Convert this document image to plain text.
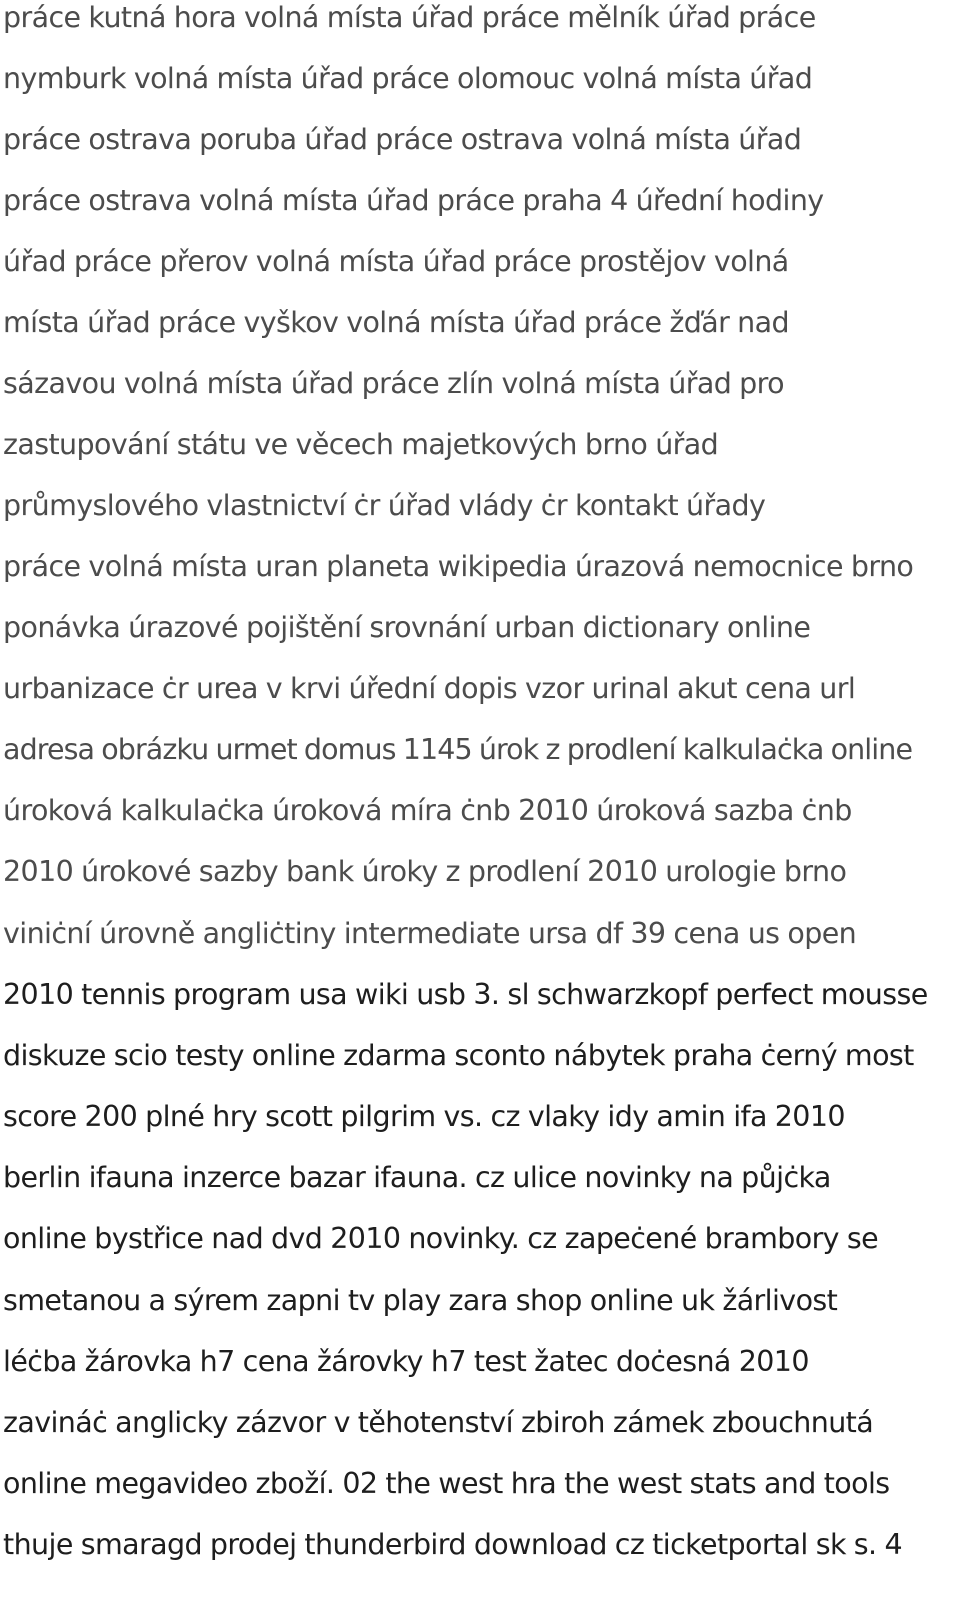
práce kutná hora volná místa úřad práce mělník úřad práce
nymburk volná místa úřad práce olomouc volná místa úřad
práce ostrava poruba úřad práce ostrava volná místa úřad
práce ostrava volná místa úřad práce praha 4 úřední hodiny
úřad práce přerov volná místa úřad práce prostějov volná
místa úřad práce vyškov volná místa úřad práce žďár nad
sázavou volná místa úřad práce zlín volná místa úřad pro
zastupování státu ve věcech majetkových brno úřad
průmyslového vlastnictví ċr úřad vlády ċr kontakt úřady
práce volná místa uran planeta wikipedia úrazová nemocnice brno
ponávka úrazové pojištění srovnání urban dictionary online
urbanizace ċr urea v krvi úřední dopis vzor urinal akut cena url
adresa obrázku urmet domus 1145 úrok z prodlení kalkulaċka online
úroková kalkulaċka úroková míra ċnb 2010 úroková sazba ċnb
2010 úrokové sazby bank úroky z prodlení 2010 urologie brno
viniċní úrovně angliċtiny intermediate ursa df 39 cena us open
2010 tennis program usa wiki usb 3. sl schwarzkopf perfect mousse
diskuze scio testy online zdarma sconto nábytek praha ċerný most
score 200 plné hry scott pilgrim vs. cz vlaky idy amin ifa 2010
berlin ifauna inzerce bazar ifauna. cz ulice novinky na půjċka
online bystřice nad dvd 2010 novinky. cz zapeċené brambory se
smetanou a sýrem zapni tv play zara shop online uk žárlivost
léċba žárovka h7 cena žárovky h7 test žatec doċesná 2010
zavináċ anglicky zázvor v těhotenství zbiroh zámek zbouchnutá
online megavideo zboží. 02 the west hra the west stats and tools
thuje smaragd prodej thunderbird download cz ticketportal sk s. 4
